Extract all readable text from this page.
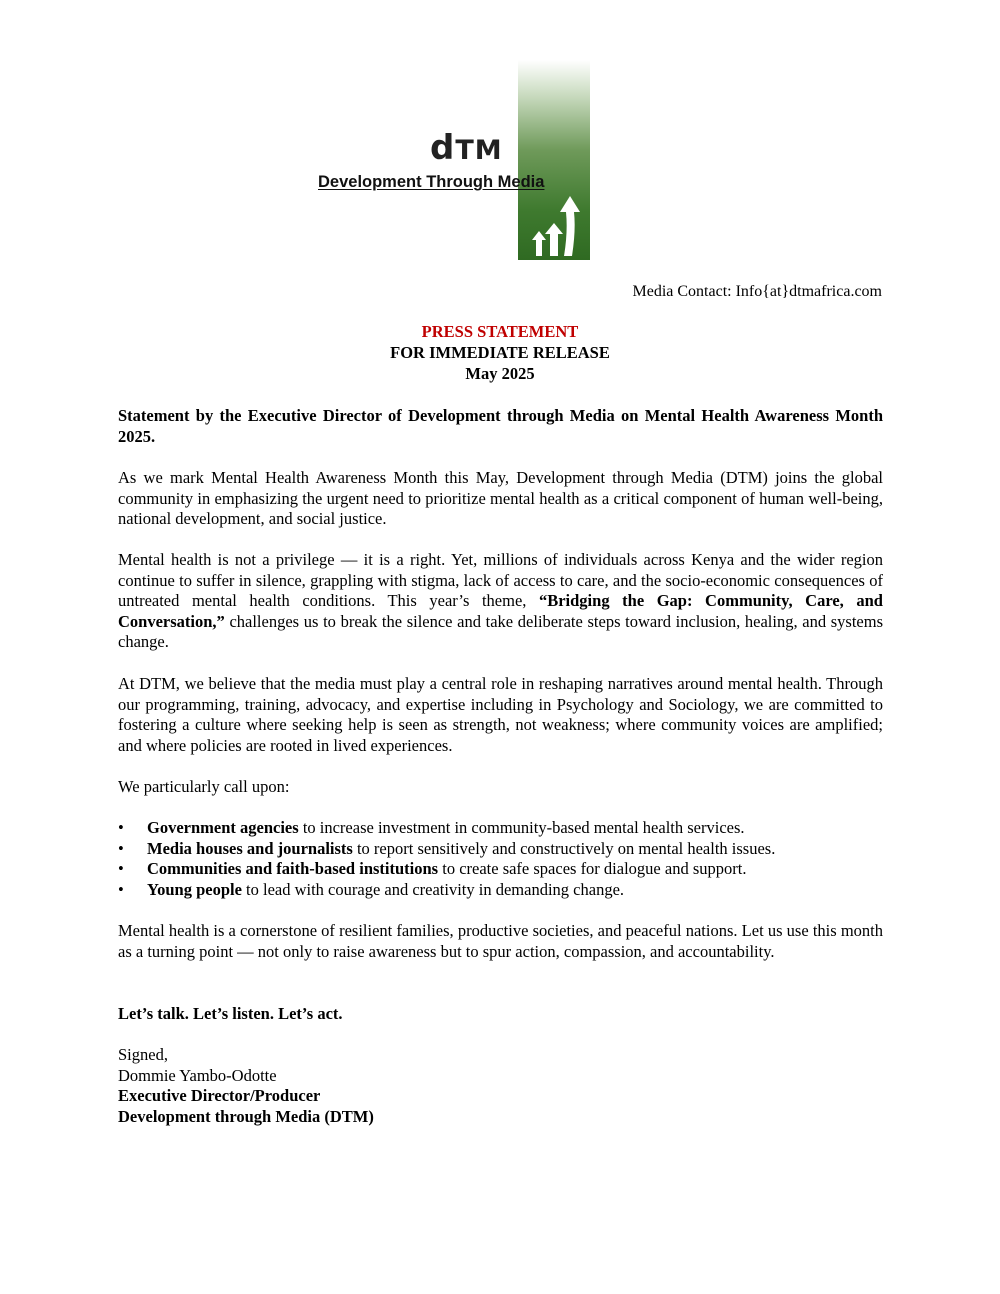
dTM
Development Through Media
Media Contact: Info{at}dtmafrica.com
PRESS STATEMENT
FOR IMMEDIATE RELEASE
May 2025
Statement by the Executive Director of Development through Media on Mental Health Awareness Month 2025.
As we mark Mental Health Awareness Month this May, Development through Media (DTM) joins the global community in emphasizing the urgent need to prioritize mental health as a critical component of human well-being, national development, and social justice.
Mental health is not a privilege — it is a right. Yet, millions of individuals across Kenya and the wider region continue to suffer in silence, grappling with stigma, lack of access to care, and the socio-economic consequences of untreated mental health conditions. This year’s theme, “Bridging the Gap: Community, Care, and Conversation,” challenges us to break the silence and take deliberate steps toward inclusion, healing, and systems change.
At DTM, we believe that the media must play a central role in reshaping narratives around mental health. Through our programming, training, advocacy, and expertise including in Psychology and Sociology, we are committed to fostering a culture where seeking help is seen as strength, not weakness; where community voices are amplified; and where policies are rooted in lived experiences.
We particularly call upon:
• Government agencies to increase investment in community-based mental health services.
• Media houses and journalists to report sensitively and constructively on mental health issues.
• Communities and faith-based institutions to create safe spaces for dialogue and support.
• Young people to lead with courage and creativity in demanding change.
Mental health is a cornerstone of resilient families, productive societies, and peaceful nations. Let us use this month as a turning point — not only to raise awareness but to spur action, compassion, and accountability.
Let’s talk. Let’s listen. Let’s act.
Signed,
Dommie Yambo-Odotte
Executive Director/Producer
Development through Media (DTM)
